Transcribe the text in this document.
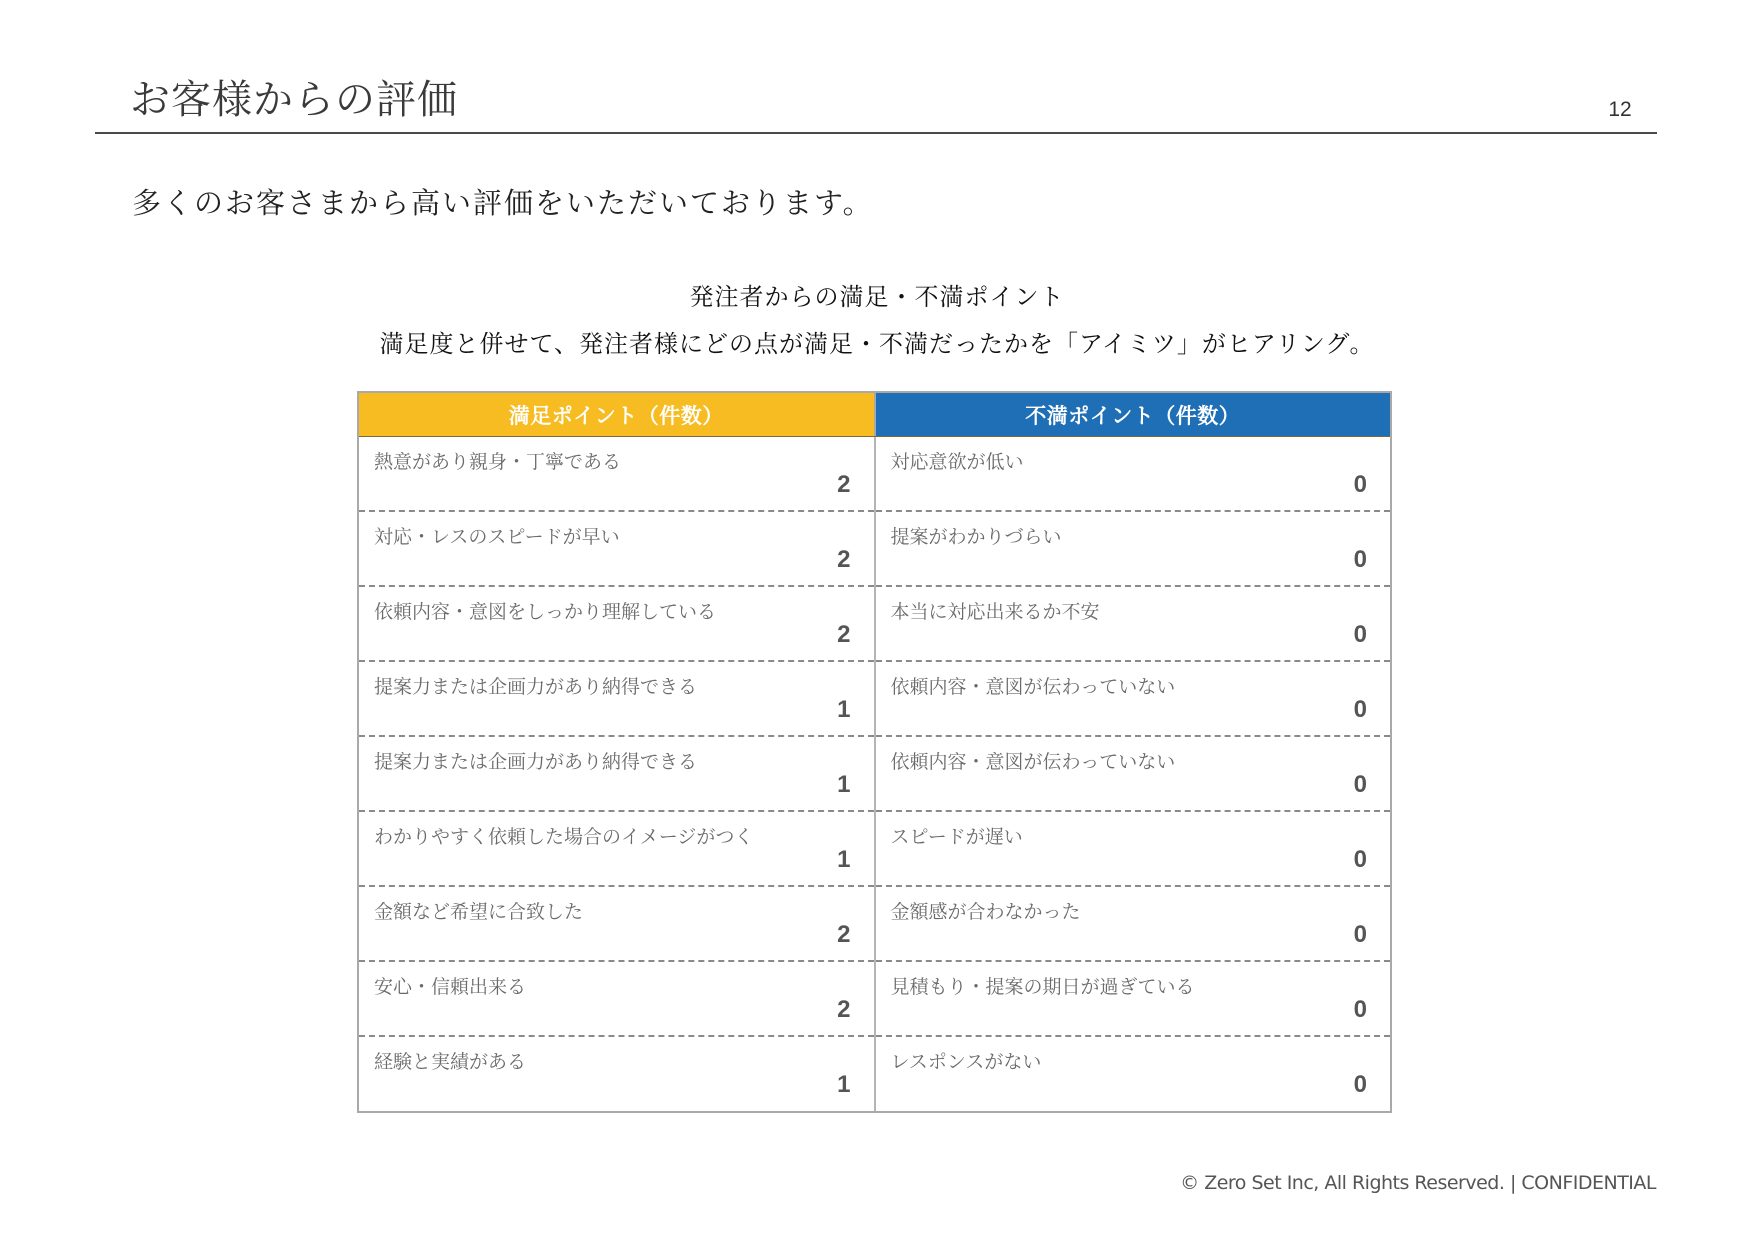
お客様からの評価	12
多くのお客さまから高い評価をいただいております。
発注者からの満足・不満ポイント
満足度と併せて、発注者様にどの点が満足・不満だったかを「アイミツ」がヒアリング。
満足ポイント（件数）	不満ポイント（件数）
熱意があり親身・丁寧である
2
対応・レスのスピードが早い
2
依頼内容・意図をしっかり理解している
2
提案力または企画力があり納得できる
1
提案力または企画力があり納得できる
1
わかりやすく依頼した場合のイメージがつく
1
金額など希望に合致した
2
安心・信頼出来る
2
経験と実績がある
1
対応意欲が低い
0
提案がわかりづらい
0
本当に対応出来るか不安
0
依頼内容・意図が伝わっていない
0
依頼内容・意図が伝わっていない
0
スピードが遅い
0
金額感が合わなかった
0
見積もり・提案の期日が過ぎている
0
レスポンスがない
0
© Zero Set Inc, All Rights Reserved. | CONFIDENTIAL
